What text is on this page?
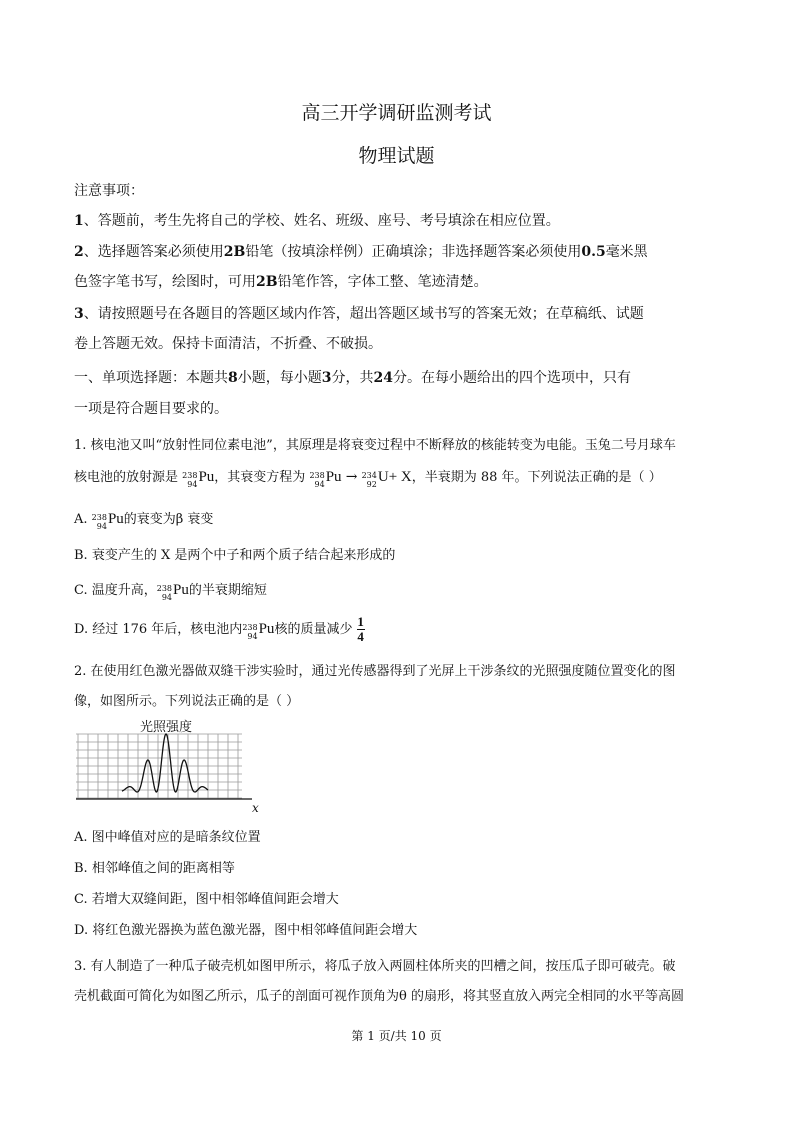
高三开学调研监测考试
物理试题
注意事项：
1、答题前，考生先将自己的学校、姓名、班级、座号、考号填涂在相应位置。
2、选择题答案必须使用2B铅笔（按填涂样例）正确填涂；非选择题答案必须使用0.5毫米黑
色签字笔书写，绘图时，可用2B铅笔作答，字体工整、笔迹清楚。
3、请按照题号在各题目的答题区域内作答，超出答题区域书写的答案无效；在草稿纸、试题
卷上答题无效。保持卡面清洁，不折叠、不破损。
一、单项选择题：本题共8小题，每小题3分，共24分。在每小题给出的四个选项中，只有
一项是符合题目要求的。
1. 核电池又叫“放射性同位素电池”，其原理是将衰变过程中不断释放的核能转变为电能。玉兔二号月球车
核电池的放射源是 238
94 Pu，其衰变方程为 238
94 Pu → 234
92 U+ X，半衰期为 88 年。下列说法正确的是（ ）
A. 238
94 Pu的衰变为β 衰变
B. 衰变产生的 X 是两个中子和两个质子结合起来形成的
C. 温度升高， 238
94 Pu的半衰期缩短
D. 经过 176 年后，核电池内 238
94 Pu核的质量减少 $\frac{1}{4}$
2. 在使用红色激光器做双缝干涉实验时，通过光传感器得到了光屏上干涉条纹的光照强度随位置变化的图
像，如图所示。下列说法正确的是（ ）
光照强度
x
A. 图中峰值对应的是暗条纹位置
B. 相邻峰值之间的距离相等
C. 若增大双缝间距，图中相邻峰值间距会增大
D. 将红色激光器换为蓝色激光器，图中相邻峰值间距会增大
3. 有人制造了一种瓜子破壳机如图甲所示，将瓜子放入两圆柱体所夹的凹槽之间，按压瓜子即可破壳。破
壳机截面可简化为如图乙所示，瓜子的剖面可视作顶角为θ 的扇形，将其竖直放入两完全相同的水平等高圆
第 1 页/共 10 页
